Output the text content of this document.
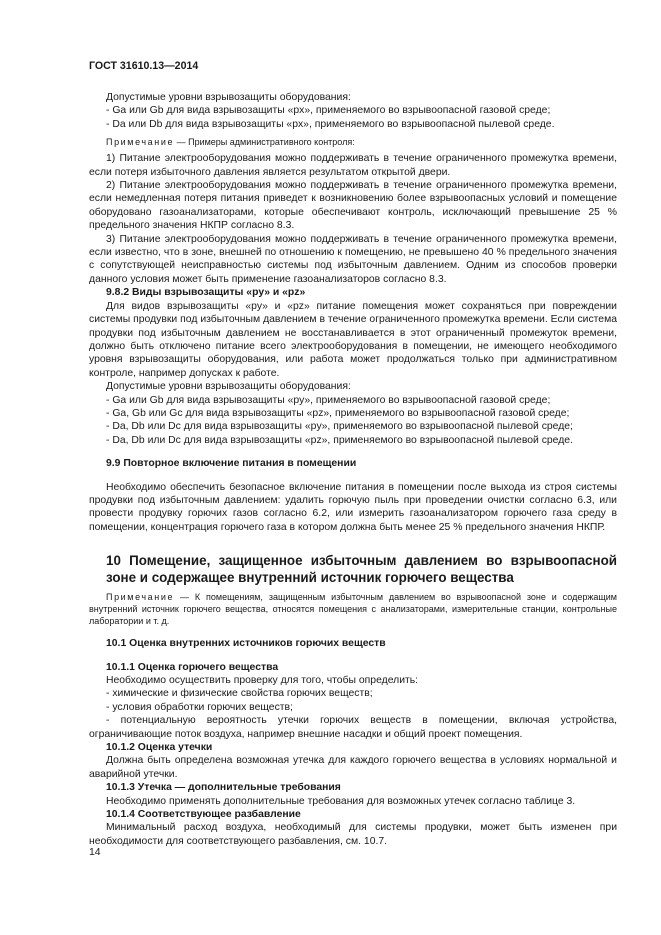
ГОСТ 31610.13—2014

Допустимые уровни взрывозащиты оборудования:

- Ga или Gb для вида взрывозащиты «px», применяемого во взрывоопасной газовой среде;

- Da или Db для вида взрывозащиты «px», применяемого во взрывоопасной пылевой среде.

Примечание — Примеры административного контроля:

1) Питание электрооборудования можно поддерживать в течение ограниченного промежутка времени, если потеря избыточного давления является результатом открытой двери.

2) Питание электрооборудования можно поддерживать в течение ограниченного промежутка времени, если немедленная потеря питания приведет к возникновению более взрывоопасных условий и помещение оборудовано газоанализаторами, которые обеспечивают контроль, исключающий превышение 25 % предельного значения НКПР согласно 8.3.

3) Питание электрооборудования можно поддерживать в течение ограниченного промежутка времени, если известно, что в зоне, внешней по отношению к помещению, не превышено 40 % предельного значения с сопутствующей неисправностью системы под избыточным давлением. Одним из способов проверки данного условия может быть применение газоанализаторов согласно 8.3.

9.8.2 Виды взрывозащиты «py» и «pz»

Для видов взрывозащиты «py» и «pz» питание помещения может сохраняться при повреждении системы продувки под избыточным давлением в течение ограниченного промежутка времени. Если система продувки под избыточным давлением не восстанавливается в этот ограниченный промежуток времени, должно быть отключено питание всего электрооборудования в помещении, не имеющего необходимого уровня взрывозащиты оборудования, или работа может продолжаться только при административном контроле, например допусках к работе.

Допустимые уровни взрывозащиты оборудования:

- Ga или Gb для вида взрывозащиты «py», применяемого во взрывоопасной газовой среде;

- Ga, Gb или Gc для вида взрывозащиты «pz», применяемого во взрывоопасной газовой среде;

- Da, Db или Dc для вида взрывозащиты «py», применяемого во взрывоопасной пылевой среде;

- Da, Db или Dc для вида взрывозащиты «pz», применяемого во взрывоопасной пылевой среде.

9.9 Повторное включение питания в помещении

Необходимо обеспечить безопасное включение питания в помещении после выхода из строя системы продувки под избыточным давлением: удалить горючую пыль при проведении очистки согласно 6.3, или провести продувку горючих газов согласно 6.2, или измерить газоанализатором горючего газа среду в помещении, концентрация горючего газа в котором должна быть менее 25 % предельного значения НКПР.

10 Помещение, защищенное избыточным давлением во взрывоопасной зоне и содержащее внутренний источник горючего вещества

Примечание — К помещениям, защищенным избыточным давлением во взрывоопасной зоне и содержащим внутренний источник горючего вещества, относятся помещения с анализаторами, измерительные станции, контрольные лаборатории и т. д.

10.1 Оценка внутренних источников горючих веществ

10.1.1 Оценка горючего вещества

Необходимо осуществить проверку для того, чтобы определить:

- химические и физические свойства горючих веществ;

- условия обработки горючих веществ;

- потенциальную вероятность утечки горючих веществ в помещении, включая устройства, ограничивающие поток воздуха, например внешние насадки и общий проект помещения.

10.1.2 Оценка утечки

Должна быть определена возможная утечка для каждого горючего вещества в условиях нормальной и аварийной утечки.

10.1.3 Утечка — дополнительные требования

Необходимо применять дополнительные требования для возможных утечек согласно таблице 3.

10.1.4 Соответствующее разбавление

Минимальный расход воздуха, необходимый для системы продувки, может быть изменен при необходимости для соответствующего разбавления, см. 10.7.

14
